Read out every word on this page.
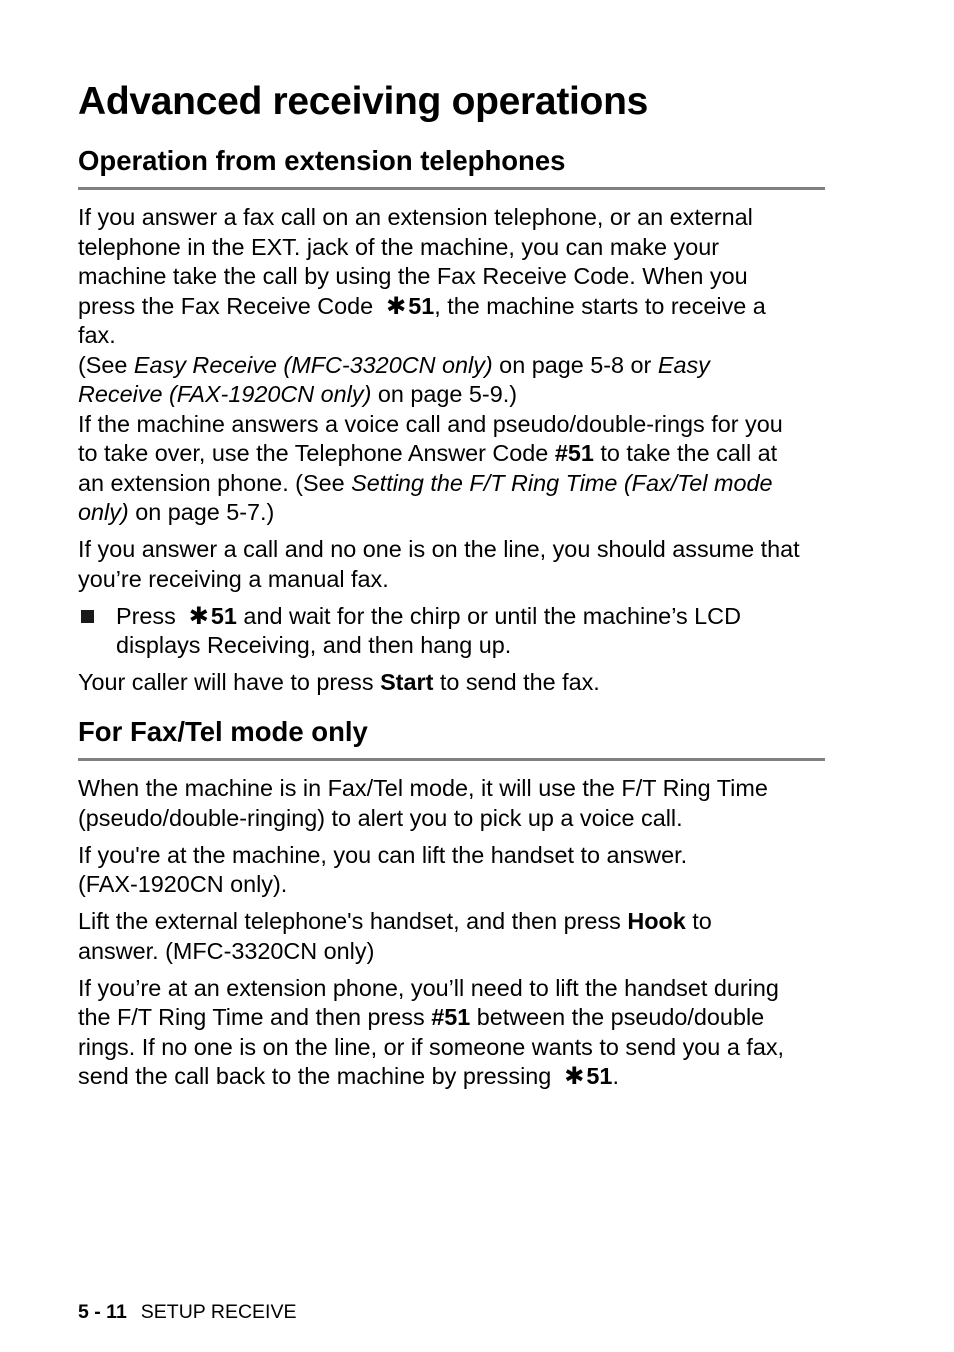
Advanced receiving operations
Operation from extension telephones

If you answer a fax call on an extension telephone, or an external

telephone in the EXT. jack of the machine, you can make your

machine take the call by using the Fax Receive Code. When you

press the Fax Receive Code  ✱51, the machine starts to receive a

fax.

(See Easy Receive (MFC-3320CN only) on page 5-8 or Easy

Receive (FAX-1920CN only) on page 5-9.)

If the machine answers a voice call and pseudo/double-rings for you

to take over, use the Telephone Answer Code #51 to take the call at

an extension phone. (See Setting the F/T Ring Time (Fax/Tel mode

only) on page 5-7.)

If you answer a call and no one is on the line, you should assume that

you’re receiving a manual fax.

Press  ✱51 and wait for the chirp or until the machine’s LCD

displays Receiving, and then hang up.

Your caller will have to press Start to send the fax.

For Fax/Tel mode only

When the machine is in Fax/Tel mode, it will use the F/T Ring Time

(pseudo/double-ringing) to alert you to pick up a voice call.

If you're at the machine, you can lift the handset to answer.

(FAX-1920CN only).

Lift the external telephone's handset, and then press Hook to

answer. (MFC-3320CN only)

If you’re at an extension phone, you’ll need to lift the handset during

the F/T Ring Time and then press #51 between the pseudo/double

rings. If no one is on the line, or if someone wants to send you a fax,

send the call back to the machine by pressing  ✱51.

5 - 11 SETUP RECEIVE
